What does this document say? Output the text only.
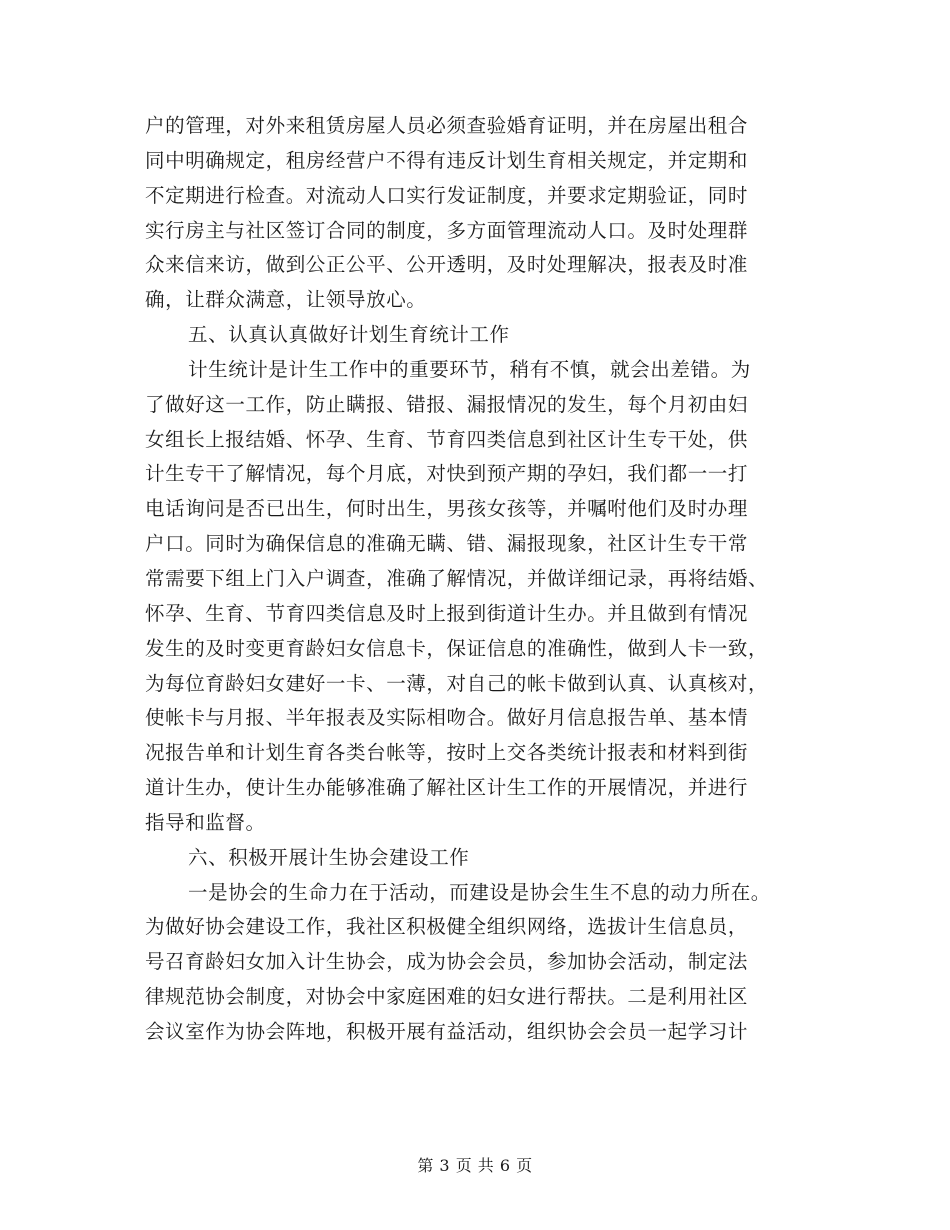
户的管理，对外来租赁房屋人员必须查验婚育证明，并在房屋出租合
同中明确规定，租房经营户不得有违反计划生育相关规定，并定期和
不定期进行检查。对流动人口实行发证制度，并要求定期验证，同时
实行房主与社区签订合同的制度，多方面管理流动人口。及时处理群
众来信来访，做到公正公平、公开透明，及时处理解决，报表及时准
确，让群众满意，让领导放心。
五、认真认真做好计划生育统计工作
计生统计是计生工作中的重要环节，稍有不慎，就会出差错。为
了做好这一工作，防止瞒报、错报、漏报情况的发生，每个月初由妇
女组长上报结婚、怀孕、生育、节育四类信息到社区计生专干处，供
计生专干了解情况，每个月底，对快到预产期的孕妇，我们都一一打
电话询问是否已出生，何时出生，男孩女孩等，并嘱咐他们及时办理
户口。同时为确保信息的准确无瞒、错、漏报现象，社区计生专干常
常需要下组上门入户调查，准确了解情况，并做详细记录，再将结婚、
怀孕、生育、节育四类信息及时上报到街道计生办。并且做到有情况
发生的及时变更育龄妇女信息卡，保证信息的准确性，做到人卡一致，
为每位育龄妇女建好一卡、一薄，对自己的帐卡做到认真、认真核对，
使帐卡与月报、半年报表及实际相吻合。做好月信息报告单、基本情
况报告单和计划生育各类台帐等，按时上交各类统计报表和材料到街
道计生办，使计生办能够准确了解社区计生工作的开展情况，并进行
指导和监督。
六、积极开展计生协会建设工作
一是协会的生命力在于活动，而建设是协会生生不息的动力所在。
为做好协会建设工作，我社区积极健全组织网络，选拔计生信息员，
号召育龄妇女加入计生协会，成为协会会员，参加协会活动，制定法
律规范协会制度，对协会中家庭困难的妇女进行帮扶。二是利用社区
会议室作为协会阵地，积极开展有益活动，组织协会会员一起学习计
第 3 页 共 6 页
